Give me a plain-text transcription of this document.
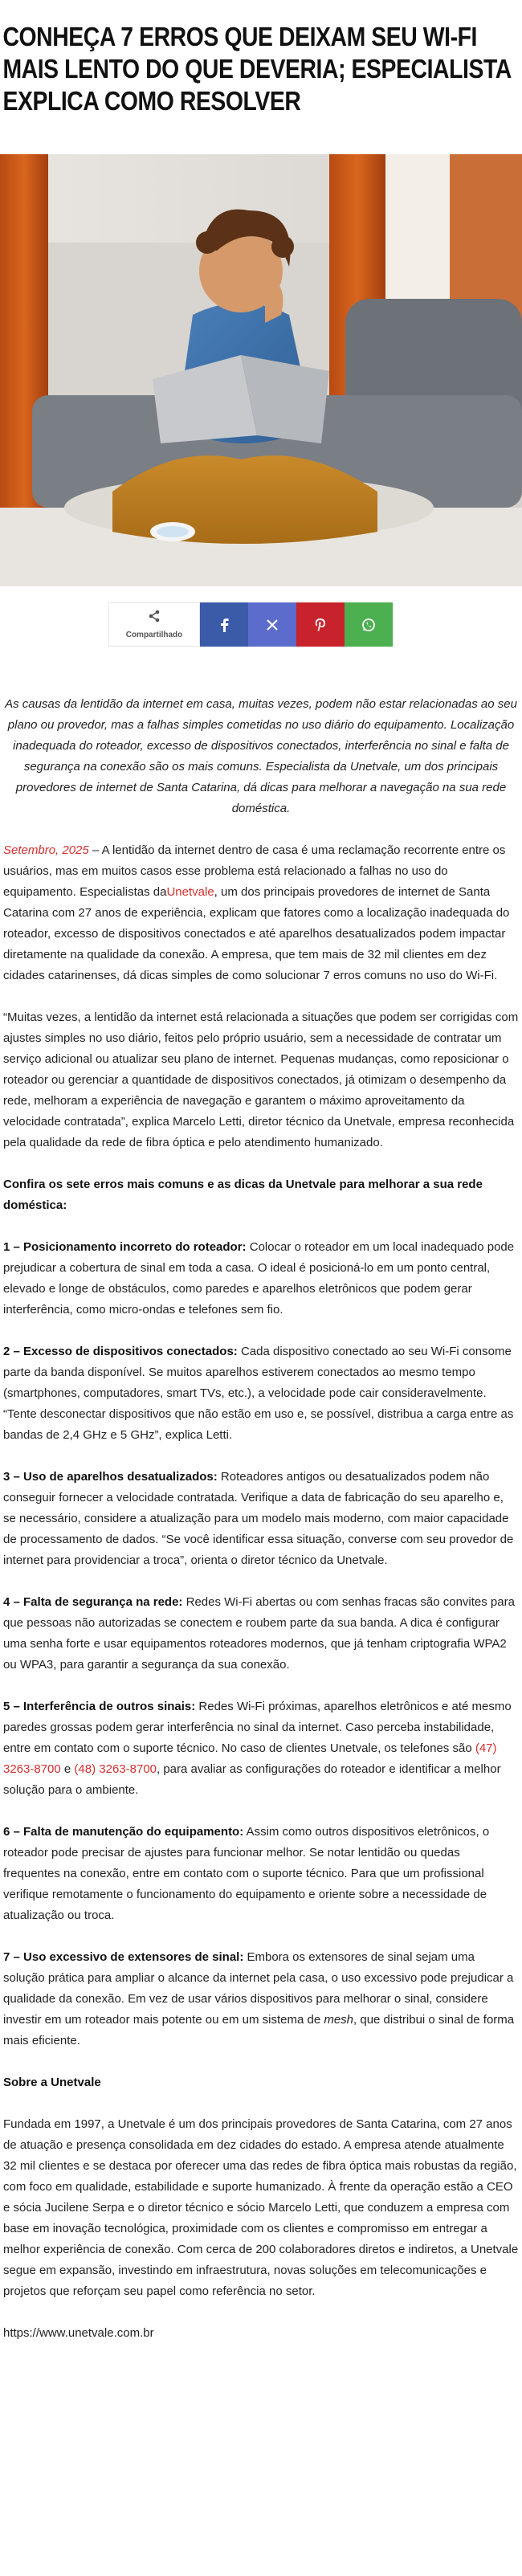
CONHEÇA 7 ERROS QUE DEIXAM SEU WI-FI MAIS LENTO DO QUE DEVERIA; ESPECIALISTA EXPLICA COMO RESOLVER
Compartilhado

As causas da lentidão da internet em casa, muitas vezes, podem não estar relacionadas ao seu plano ou provedor, mas a falhas simples cometidas no uso diário do equipamento. Localização inadequada do roteador, excesso de dispositivos conectados, interferência no sinal e falta de segurança na conexão são os mais comuns. Especialista da Unetvale, um dos principais provedores de internet de Santa Catarina, dá dicas para melhorar a navegação na sua rede doméstica.

Setembro, 2025 – A lentidão da internet dentro de casa é uma reclamação recorrente entre os usuários, mas em muitos casos esse problema está relacionado a falhas no uso do equipamento. Especialistas daUnetvale, um dos principais provedores de internet de Santa Catarina com 27 anos de experiência, explicam que fatores como a localização inadequada do roteador, excesso de dispositivos conectados e até aparelhos desatualizados podem impactar diretamente na qualidade da conexão. A empresa, que tem mais de 32 mil clientes em dez cidades catarinenses, dá dicas simples de como solucionar 7 erros comuns no uso do Wi-Fi.

“Muitas vezes, a lentidão da internet está relacionada a situações que podem ser corrigidas com ajustes simples no uso diário, feitos pelo próprio usuário, sem a necessidade de contratar um serviço adicional ou atualizar seu plano de internet. Pequenas mudanças, como reposicionar o roteador ou gerenciar a quantidade de dispositivos conectados, já otimizam o desempenho da rede, melhoram a experiência de navegação e garantem o máximo aproveitamento da velocidade contratada”, explica Marcelo Letti, diretor técnico da Unetvale, empresa reconhecida pela qualidade da rede de fibra óptica e pelo atendimento humanizado.

Confira os sete erros mais comuns e as dicas da Unetvale para melhorar a sua rede doméstica:

1 – Posicionamento incorreto do roteador: Colocar o roteador em um local inadequado pode prejudicar a cobertura de sinal em toda a casa. O ideal é posicioná-lo em um ponto central, elevado e longe de obstáculos, como paredes e aparelhos eletrônicos que podem gerar interferência, como micro-ondas e telefones sem fio.

2 – Excesso de dispositivos conectados: Cada dispositivo conectado ao seu Wi-Fi consome parte da banda disponível. Se muitos aparelhos estiverem conectados ao mesmo tempo (smartphones, computadores, smart TVs, etc.), a velocidade pode cair consideravelmente. “Tente desconectar dispositivos que não estão em uso e, se possível, distribua a carga entre as bandas de 2,4 GHz e 5 GHz”, explica Letti.

3 – Uso de aparelhos desatualizados: Roteadores antigos ou desatualizados podem não conseguir fornecer a velocidade contratada. Verifique a data de fabricação do seu aparelho e, se necessário, considere a atualização para um modelo mais moderno, com maior capacidade de processamento de dados. “Se você identificar essa situação, converse com seu provedor de internet para providenciar a troca”, orienta o diretor técnico da Unetvale.

4 – Falta de segurança na rede: Redes Wi-Fi abertas ou com senhas fracas são convites para que pessoas não autorizadas se conectem e roubem parte da sua banda. A dica é configurar uma senha forte e usar equipamentos roteadores modernos, que já tenham criptografia WPA2 ou WPA3, para garantir a segurança da sua conexão.

5 – Interferência de outros sinais: Redes Wi-Fi próximas, aparelhos eletrônicos e até mesmo paredes grossas podem gerar interferência no sinal da internet. Caso perceba instabilidade, entre em contato com o suporte técnico. No caso de clientes Unetvale, os telefones são (47) 3263-8700 e (48) 3263-8700, para avaliar as configurações do roteador e identificar a melhor solução para o ambiente.

6 – Falta de manutenção do equipamento: Assim como outros dispositivos eletrônicos, o roteador pode precisar de ajustes para funcionar melhor. Se notar lentidão ou quedas frequentes na conexão, entre em contato com o suporte técnico. Para que um profissional verifique remotamente o funcionamento do equipamento e oriente sobre a necessidade de atualização ou troca.

7 – Uso excessivo de extensores de sinal: Embora os extensores de sinal sejam uma solução prática para ampliar o alcance da internet pela casa, o uso excessivo pode prejudicar a qualidade da conexão. Em vez de usar vários dispositivos para melhorar o sinal, considere investir em um roteador mais potente ou em um sistema de mesh, que distribui o sinal de forma mais eficiente.

Sobre a Unetvale

Fundada em 1997, a Unetvale é um dos principais provedores de Santa Catarina, com 27 anos de atuação e presença consolidada em dez cidades do estado. A empresa atende atualmente 32 mil clientes e se destaca por oferecer uma das redes de fibra óptica mais robustas da região, com foco em qualidade, estabilidade e suporte humanizado. À frente da operação estão a CEO e sócia Jucilene Serpa e o diretor técnico e sócio Marcelo Letti, que conduzem a empresa com base em inovação tecnológica, proximidade com os clientes e compromisso em entregar a melhor experiência de conexão. Com cerca de 200 colaboradores diretos e indiretos, a Unetvale segue em expansão, investindo em infraestrutura, novas soluções em telecomunicações e projetos que reforçam seu papel como referência no setor.

https://www.unetvale.com.br
